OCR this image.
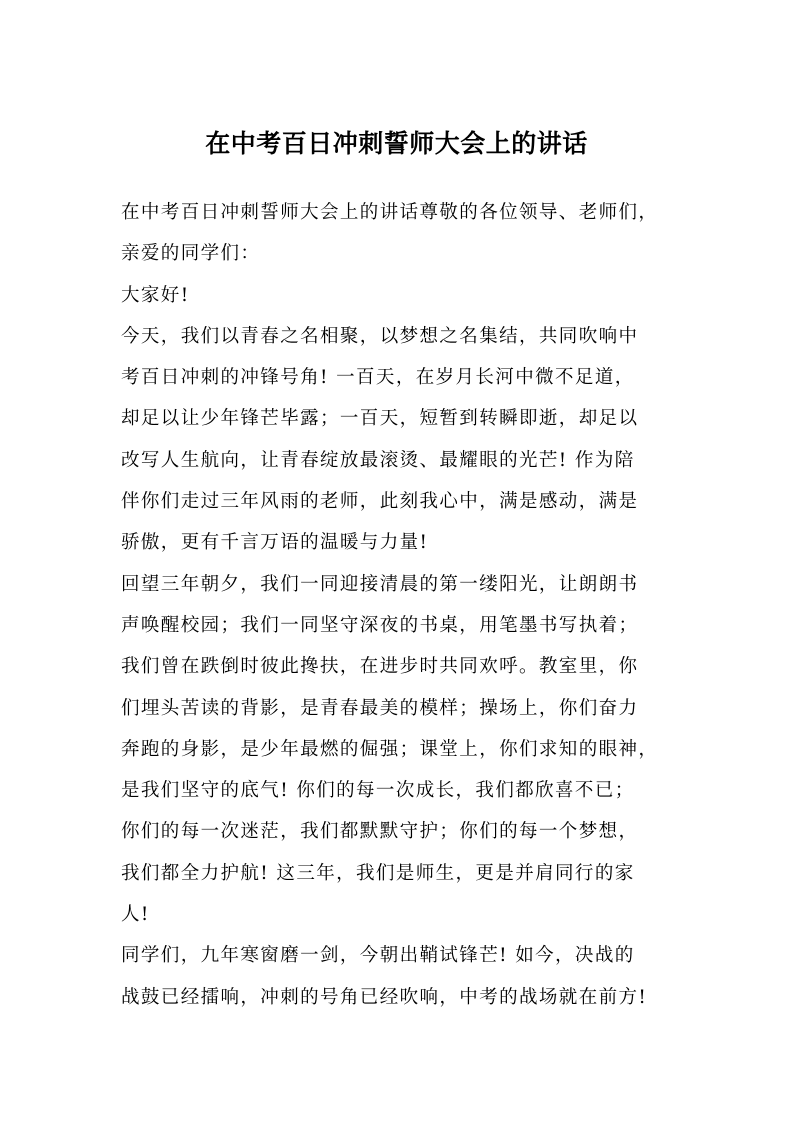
在中考百日冲刺誓师大会上的讲话

在中考百日冲刺誓师大会上的讲话尊敬的各位领导、老师们，
亲爱的同学们：

大家好!

今天，我们以青春之名相聚，以梦想之名集结，共同吹响中
考百日冲刺的冲锋号角! 一百天，在岁月长河中微不足道，
却足以让少年锋芒毕露；一百天，短暂到转瞬即逝，却足以
改写人生航向，让青春绽放最滚烫、最耀眼的光芒! 作为陪
伴你们走过三年风雨的老师，此刻我心中，满是感动，满是
骄傲，更有千言万语的温暖与力量!

回望三年朝夕，我们一同迎接清晨的第一缕阳光，让朗朗书
声唤醒校园；我们一同坚守深夜的书桌，用笔墨书写执着；
我们曾在跌倒时彼此搀扶，在进步时共同欢呼。教室里，你
们埋头苦读的背影，是青春最美的模样；操场上，你们奋力
奔跑的身影，是少年最燃的倔强；课堂上，你们求知的眼神，
是我们坚守的底气! 你们的每一次成长，我们都欣喜不已；
你们的每一次迷茫，我们都默默守护；你们的每一个梦想，
我们都全力护航! 这三年，我们是师生，更是并肩同行的家
人!

同学们，九年寒窗磨一剑，今朝出鞘试锋芒! 如今，决战的
战鼓已经擂响，冲刺的号角已经吹响，中考的战场就在前方!
